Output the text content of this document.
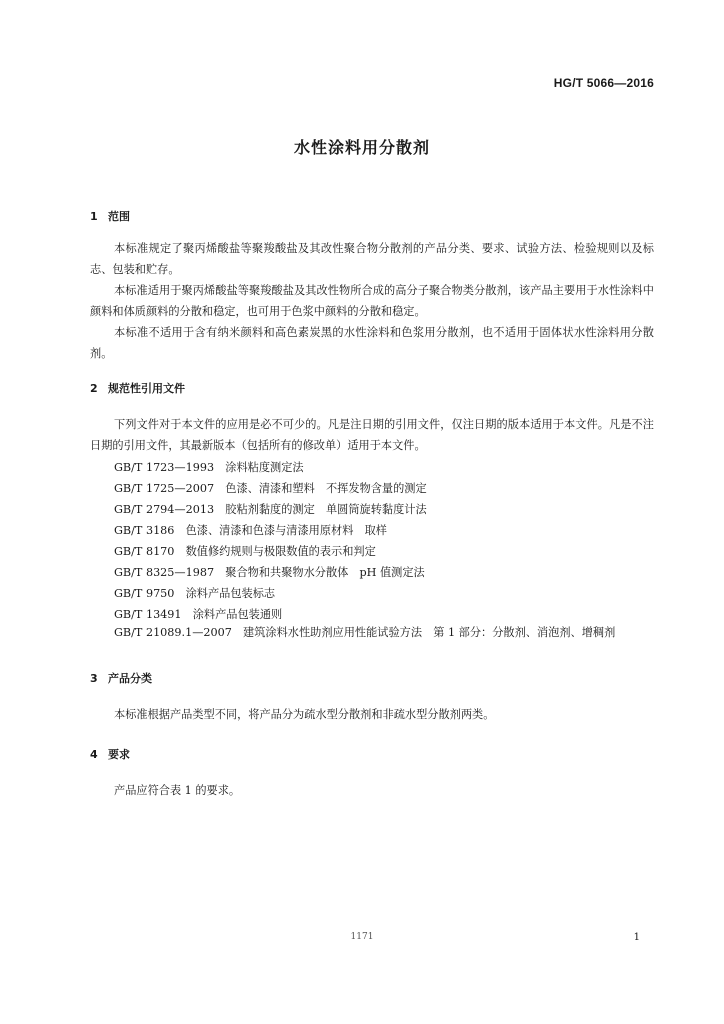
HG/T 5066—2016
水性涂料用分散剂
1 范围

本标准规定了聚丙烯酸盐等聚羧酸盐及其改性聚合物分散剂的产品分类、要求、试验方法、检验规则以及标志、包装和贮存。

本标准适用于聚丙烯酸盐等聚羧酸盐及其改性物所合成的高分子聚合物类分散剂，该产品主要用于水性涂料中颜料和体质颜料的分散和稳定，也可用于色浆中颜料的分散和稳定。

本标准不适用于含有纳米颜料和高色素炭黑的水性涂料和色浆用分散剂，也不适用于固体状水性涂料用分散剂。

2 规范性引用文件

下列文件对于本文件的应用是必不可少的。凡是注日期的引用文件，仅注日期的版本适用于本文件。凡是不注日期的引用文件，其最新版本（包括所有的修改单）适用于本文件。

GB/T 1723—1993　涂料粘度测定法
GB/T 1725—2007　色漆、清漆和塑料　不挥发物含量的测定
GB/T 2794—2013　胶粘剂黏度的测定　单圆筒旋转黏度计法
GB/T 3186　色漆、清漆和色漆与清漆用原材料　取样
GB/T 8170　数值修约规则与极限数值的表示和判定
GB/T 8325—1987　聚合物和共聚物水分散体　pH 值测定法
GB/T 9750　涂料产品包装标志
GB/T 13491　涂料产品包装通则

GB/T 21089.1—2007　建筑涂料水性助剂应用性能试验方法　第 1 部分：分散剂、消泡剂、增稠剂

3 产品分类

本标准根据产品类型不同，将产品分为疏水型分散剂和非疏水型分散剂两类。

4 要求

产品应符合表 1 的要求。

1171	1
